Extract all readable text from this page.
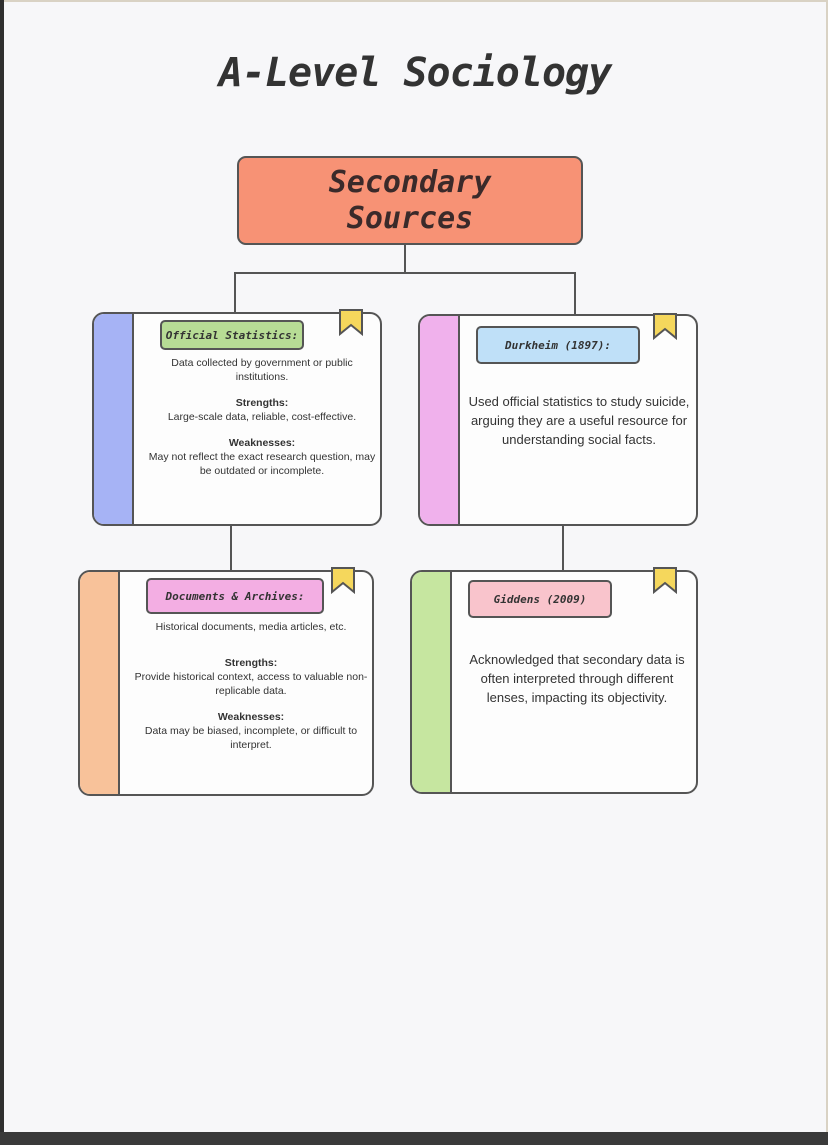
A-Level Sociology
Secondary
Sources
Official Statistics:

Data collected by government or public institutions.

Strengths:
Large-scale data, reliable, cost-effective.

Weaknesses:
May not reflect the exact research question, may be outdated or incomplete.

Documents & Archives:

Historical documents, media articles, etc.

Strengths:
Provide historical context, access to valuable non-replicable data.

Weaknesses:
Data may be biased, incomplete, or difficult to interpret.

Durkheim (1897):
Used official statistics to study suicide, arguing they are a useful resource for understanding social facts.
Giddens (2009)
Acknowledged that secondary data is often interpreted through different lenses, impacting its objectivity.
